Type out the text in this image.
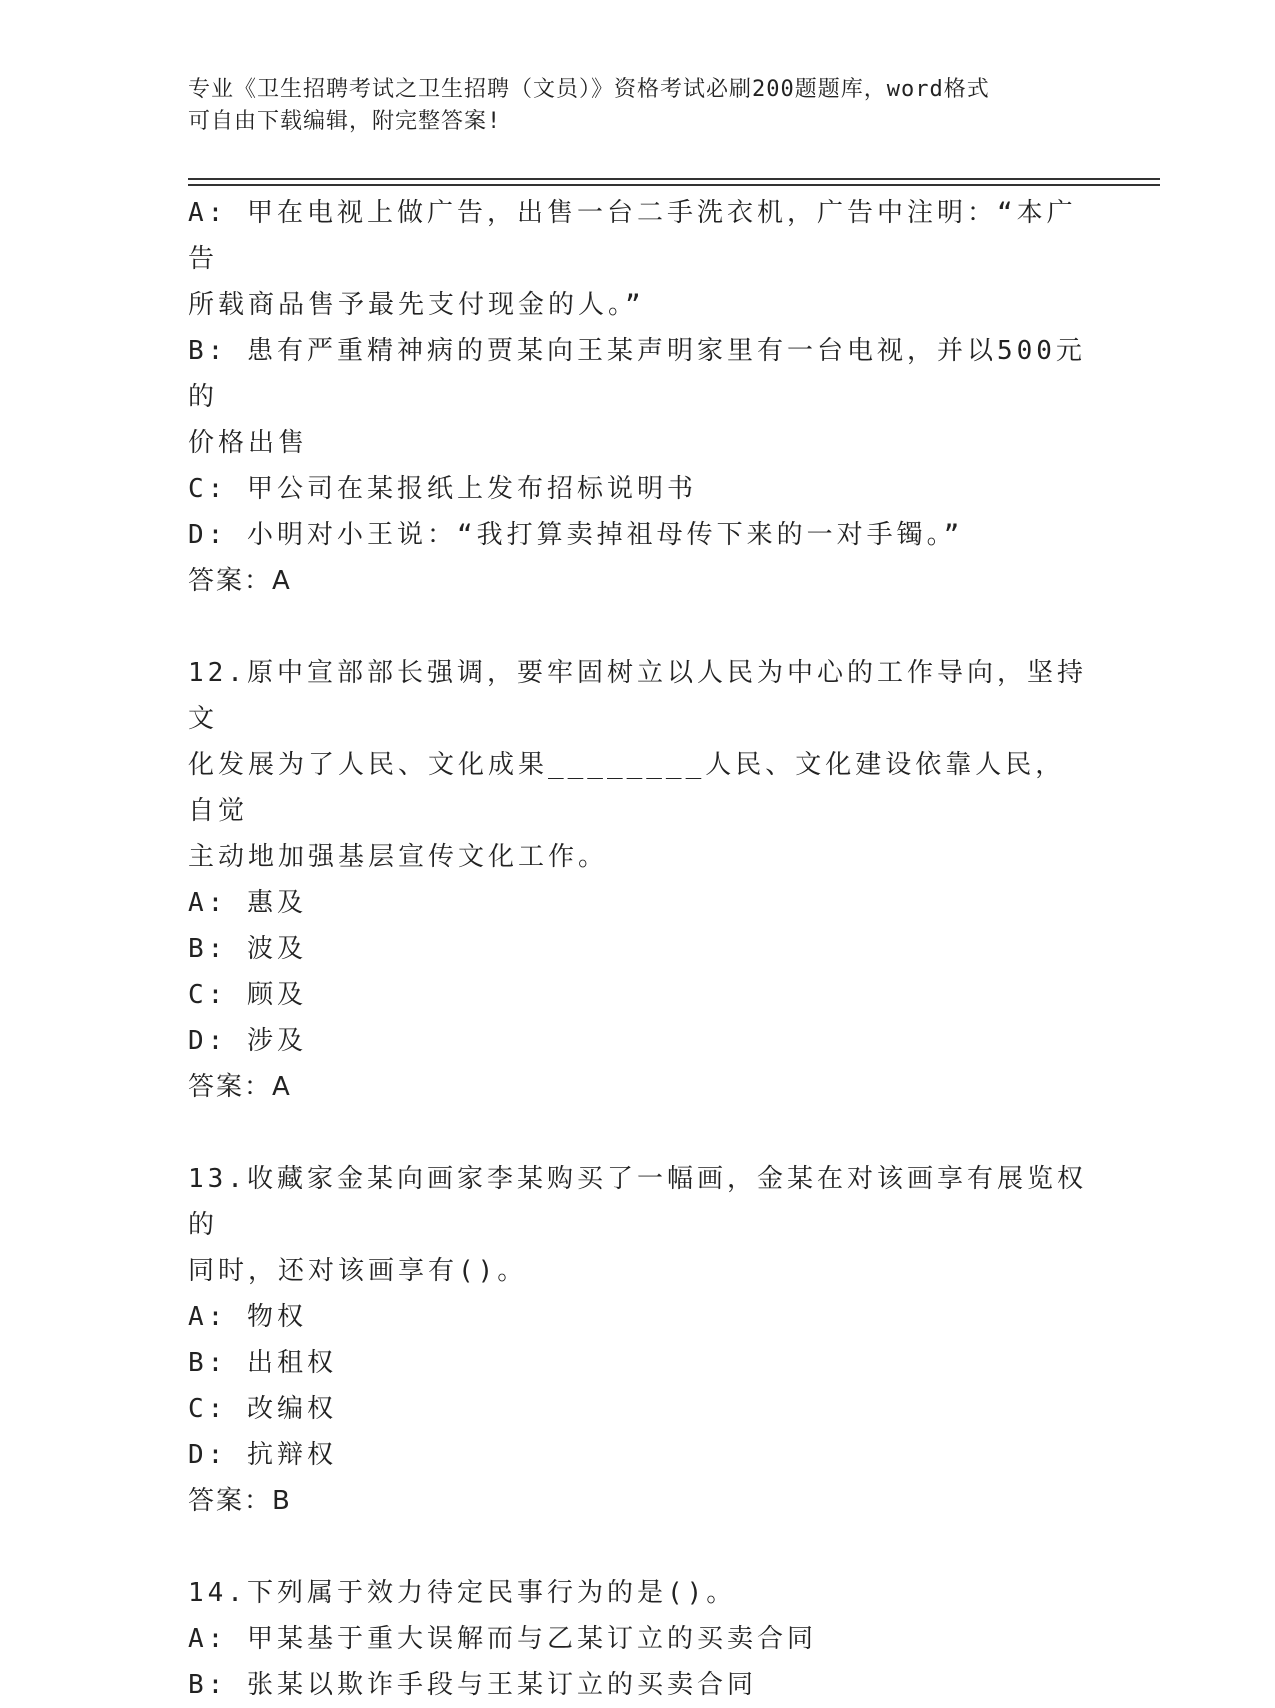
专业《卫生招聘考试之卫生招聘（文员）》资格考试必刷200题题库，word格式
可自由下载编辑，附完整答案!
A: 甲在电视上做广告，出售一台二手洗衣机，广告中注明：“本广告
所载商品售予最先支付现金的人。”
B: 患有严重精神病的贾某向王某声明家里有一台电视，并以500元的
价格出售
C: 甲公司在某报纸上发布招标说明书
D: 小明对小王说：“我打算卖掉祖母传下来的一对手镯。”
答案：A
12.原中宣部部长强调，要牢固树立以人民为中心的工作导向，坚持文
化发展为了人民、文化成果________人民、文化建设依靠人民，自觉
主动地加强基层宣传文化工作。
A: 惠及
B: 波及
C: 顾及
D: 涉及
答案：A
13.收藏家金某向画家李某购买了一幅画，金某在对该画享有展览权的
同时，还对该画享有()。
A: 物权
B: 出租权
C: 改编权
D: 抗辩权
答案：B
14.下列属于效力待定民事行为的是()。
A: 甲某基于重大误解而与乙某订立的买卖合同
B: 张某以欺诈手段与王某订立的买卖合同
